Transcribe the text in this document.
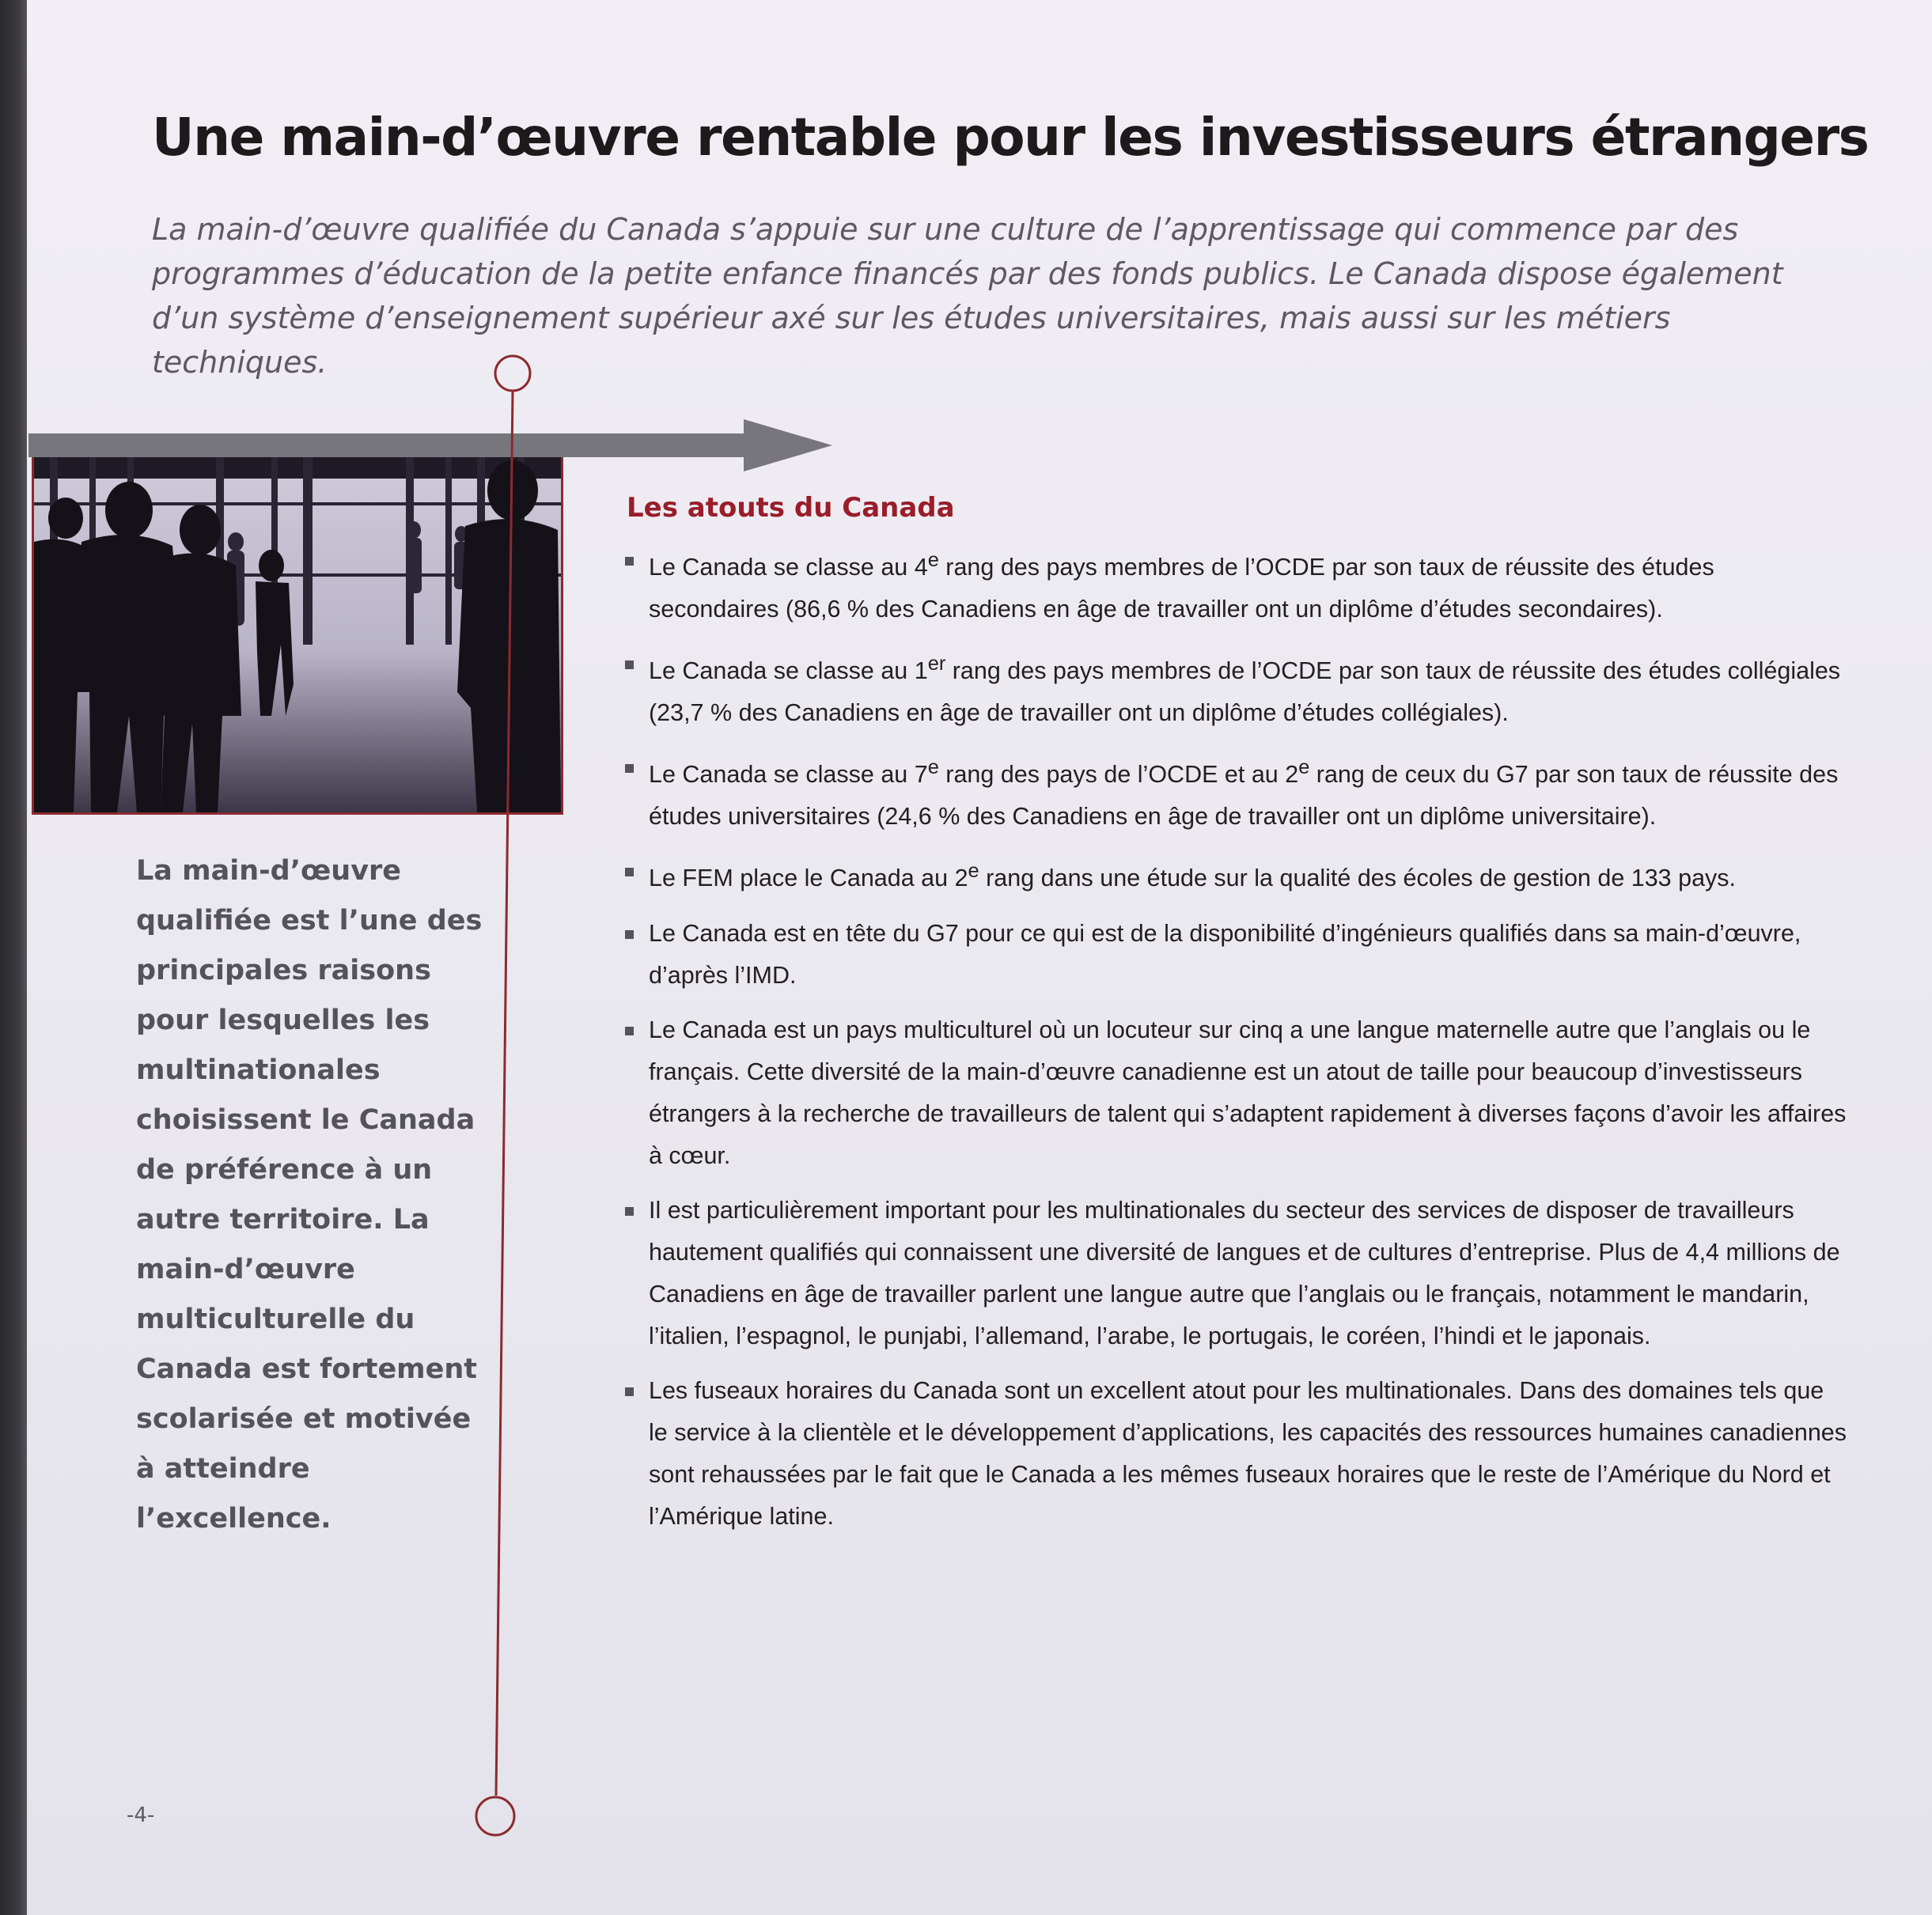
Une main-d’œuvre rentable pour les investisseurs étrangers

La main-d’œuvre qualifiée du Canada s’appuie sur une culture de l’apprentissage qui commence par des programmes d’éducation de la petite enfance financés par des fonds publics. Le Canada dispose également d’un système d’enseignement supérieur axé sur les études universitaires, mais aussi sur les métiers techniques.

La main-d’œuvre qualifiée est l’une des principales raisons pour lesquelles les multinationales choisissent le Canada de préférence à un autre territoire. La main-d’œuvre multiculturelle du Canada est fortement scolarisée et motivée à atteindre l’excellence.

Les atouts du Canada
Le Canada se classe au 4e rang des pays membres de l’OCDE par son taux de réussite des études secondaires (86,6 % des Canadiens en âge de travailler ont un diplôme d’études secondaires).
Le Canada se classe au 1er rang des pays membres de l’OCDE par son taux de réussite des études collégiales (23,7 % des Canadiens en âge de travailler ont un diplôme d’études collégiales).
Le Canada se classe au 7e rang des pays de l’OCDE et au 2e rang de ceux du G7 par son taux de réussite des études universitaires (24,6 % des Canadiens en âge de travailler ont un diplôme universitaire).
Le FEM place le Canada au 2e rang dans une étude sur la qualité des écoles de gestion de 133 pays.
Le Canada est en tête du G7 pour ce qui est de la disponibilité d’ingénieurs qualifiés dans sa main-d’œuvre, d’après l’IMD.
Le Canada est un pays multiculturel où un locuteur sur cinq a une langue maternelle autre que l’anglais ou le français. Cette diversité de la main-d’œuvre canadienne est un atout de taille pour beaucoup d’investisseurs étrangers à la recherche de travailleurs de talent qui s’adaptent rapidement à diverses façons d’avoir les affaires à cœur.
Il est particulièrement important pour les multinationales du secteur des services de disposer de travailleurs hautement qualifiés qui connaissent une diversité de langues et de cultures d’entreprise. Plus de 4,4 millions de Canadiens en âge de travailler parlent une langue autre que l’anglais ou le français, notamment le mandarin, l’italien, l’espagnol, le punjabi, l’allemand, l’arabe, le portugais, le coréen, l’hindi et le japonais.
Les fuseaux horaires du Canada sont un excellent atout pour les multinationales. Dans des domaines tels que le service à la clientèle et le développement d’applications, les capacités des ressources humaines canadiennes sont rehaussées par le fait que le Canada a les mêmes fuseaux horaires que le reste de l’Amérique du Nord et l’Amérique latine.
-4-
